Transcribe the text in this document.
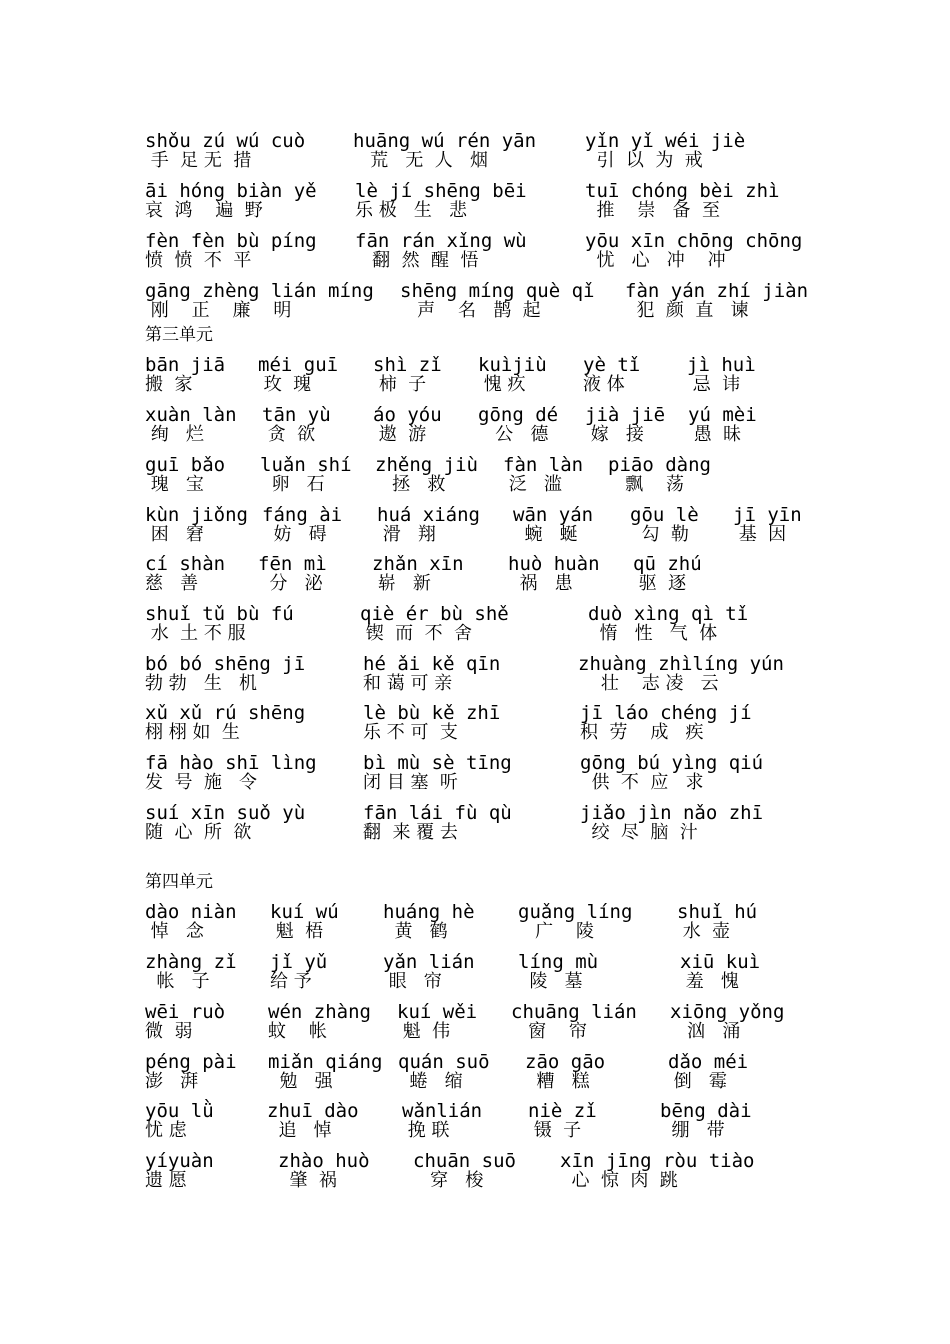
shǒu zú wú cuò
手  足 无  措
huāng wú rén yān
荒   无  人   烟
yǐn yǐ wéi jiè
引  以  为  戒
āi hóng biàn yě
哀  鸿    遍  野
lè jí shēng bēi
乐 极   生   悲
tuī chóng bèi zhì
推    崇   备  至
fèn fèn bù píng
愤  愤  不  平
fān rán xǐng wù
翻  然  醒  悟
yōu xīn chōng chōng
忧   心   冲    冲
gāng zhèng lián míng
刚    正    廉    明
shēng míng què qǐ
声    名   鹊  起
fàn yán zhí jiàn
犯  颜  直   谏
第三单元
bān jiā
搬  家
méi guī
玫  瑰
shì zǐ
柿  子
kuìjiù
愧 疚
yè tǐ
液 体
jì huì
忌  讳
xuàn làn
绚   烂
tān yù
贪  欲
áo yóu
遨  游
gōng dé
公   德
jià jiē
嫁   接
yú mèi
愚  昧
guī bǎo
瑰   宝
luǎn shí
卵   石
zhěng jiù
拯   救
fàn làn
泛   滥
piāo dàng
飘    荡
kùn jiǒng
困   窘
fáng ài
妨   碍
huá xiáng
滑   翔
wān yán
蜿   蜒
gōu lè
勾  勒
jī yīn
基  因
cí shàn
慈   善
fēn mì
分   泌
zhǎn xīn
崭   新
huò huàn
祸   患
qū zhú
驱  逐
shuǐ tǔ bù fú
水  土 不 服
qiè ér bù shě
锲  而  不  舍
duò xìng qì tǐ
惰   性   气  体
bó bó shēng jī
勃 勃   生   机
hé ǎi kě qīn
和 蔼 可 亲
zhuàng zhìlíng yún
壮    志 凌   云
xǔ xǔ rú shēng
栩 栩 如  生
lè bù kě zhī
乐 不 可  支
jī láo chéng jí
积  劳    成   疾
fā hào shī lìng
发  号  施   令
bì mù sè tīng
闭 目 塞  听
gōng bú yìng qiú
供  不  应   求
suí xīn suǒ yù
随  心  所  欲
fān lái fù qù
翻  来 覆 去
jiǎo jìn nǎo zhī
绞  尽  脑  汁
第四单元
dào niàn
悼   念
kuí wú
魁  梧
huáng hè
黄   鹤
guǎng líng
广    陵
shuǐ hú
水  壶
zhàng zǐ
帐   子
jǐ yǔ
给 予
yǎn lián
眼   帘
líng mù
陵   墓
xiū kuì
羞   愧
wēi ruò
微  弱
wén zhàng
蚊    帐
kuí wěi
魁  伟
chuāng lián
窗    帘
xiōng yǒng
汹   涌
péng pài
澎   湃
miǎn qiáng
勉   强
quán suō
蜷   缩
zāo gāo
糟   糕
dǎo méi
倒   霉
yōu lǜ
忧 虑
zhuī dào
追   悼
wǎnlián
挽 联
niè zǐ
镊  子
bēng dài
绷   带
yíyuàn
遗 愿
zhào huò
肇  祸
chuān suō
穿   梭
xīn jīng ròu tiào
心  惊  肉  跳
